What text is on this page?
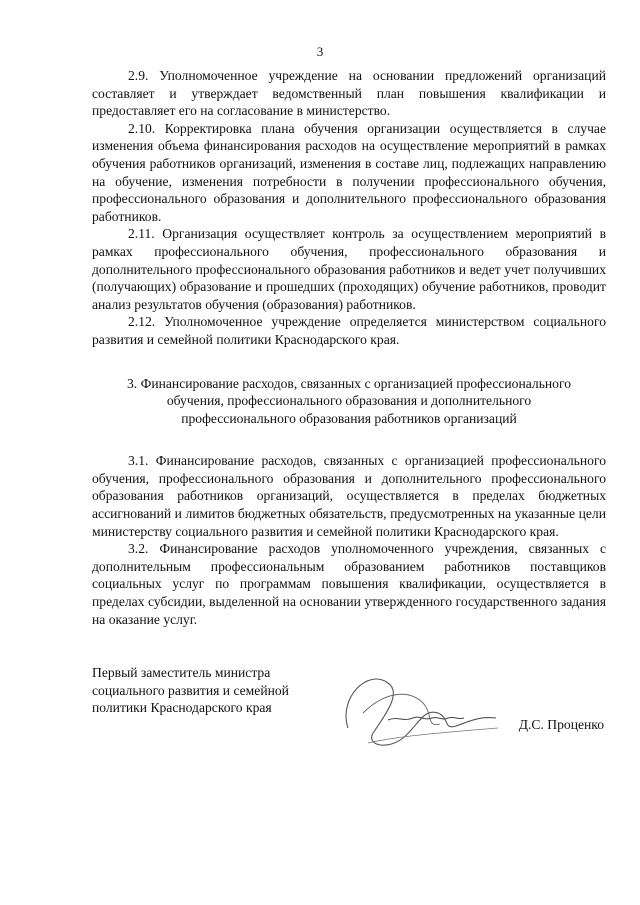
3

2.9. Уполномоченное учреждение на основании предложений организаций составляет и утверждает ведомственный план повышения квалификации и предоставляет его на согласование в министерство.

2.10. Корректировка плана обучения организации осуществляется в случае изменения объема финансирования расходов на осуществление мероприятий в рамках обучения работников организаций, изменения в составе лиц, подлежащих направлению на обучение, изменения потребности в получении профессионального обучения, профессионального образования и дополнительного профессионального образования работников.

2.11. Организация осуществляет контроль за осуществлением мероприятий в рамках профессионального обучения, профессионального образования и дополнительного профессионального образования работников и ведет учет получивших (получающих) образование и прошедших (проходящих) обучение работников, проводит анализ результатов обучения (образования) работников.

2.12. Уполномоченное учреждение определяется министерством социального развития и семейной политики Краснодарского края.

3. Финансирование расходов, связанных с организацией профессионального обучения, профессионального образования и дополнительного профессионального образования работников организаций

3.1. Финансирование расходов, связанных с организацией профессионального обучения, профессионального образования и дополнительного профессионального образования работников организаций, осуществляется в пределах бюджетных ассигнований и лимитов бюджетных обязательств, предусмотренных на указанные цели министерству социального развития и семейной политики Краснодарского края.

3.2. Финансирование расходов уполномоченного учреждения, связанных с дополнительным профессиональным образованием работников поставщиков социальных услуг по программам повышения квалификации, осуществляется в пределах субсидии, выделенной на основании утвержденного государственного задания на оказание услуг.

Первый заместитель министра
социального развития и семейной
политики Краснодарского края
Д.С. Проценко
